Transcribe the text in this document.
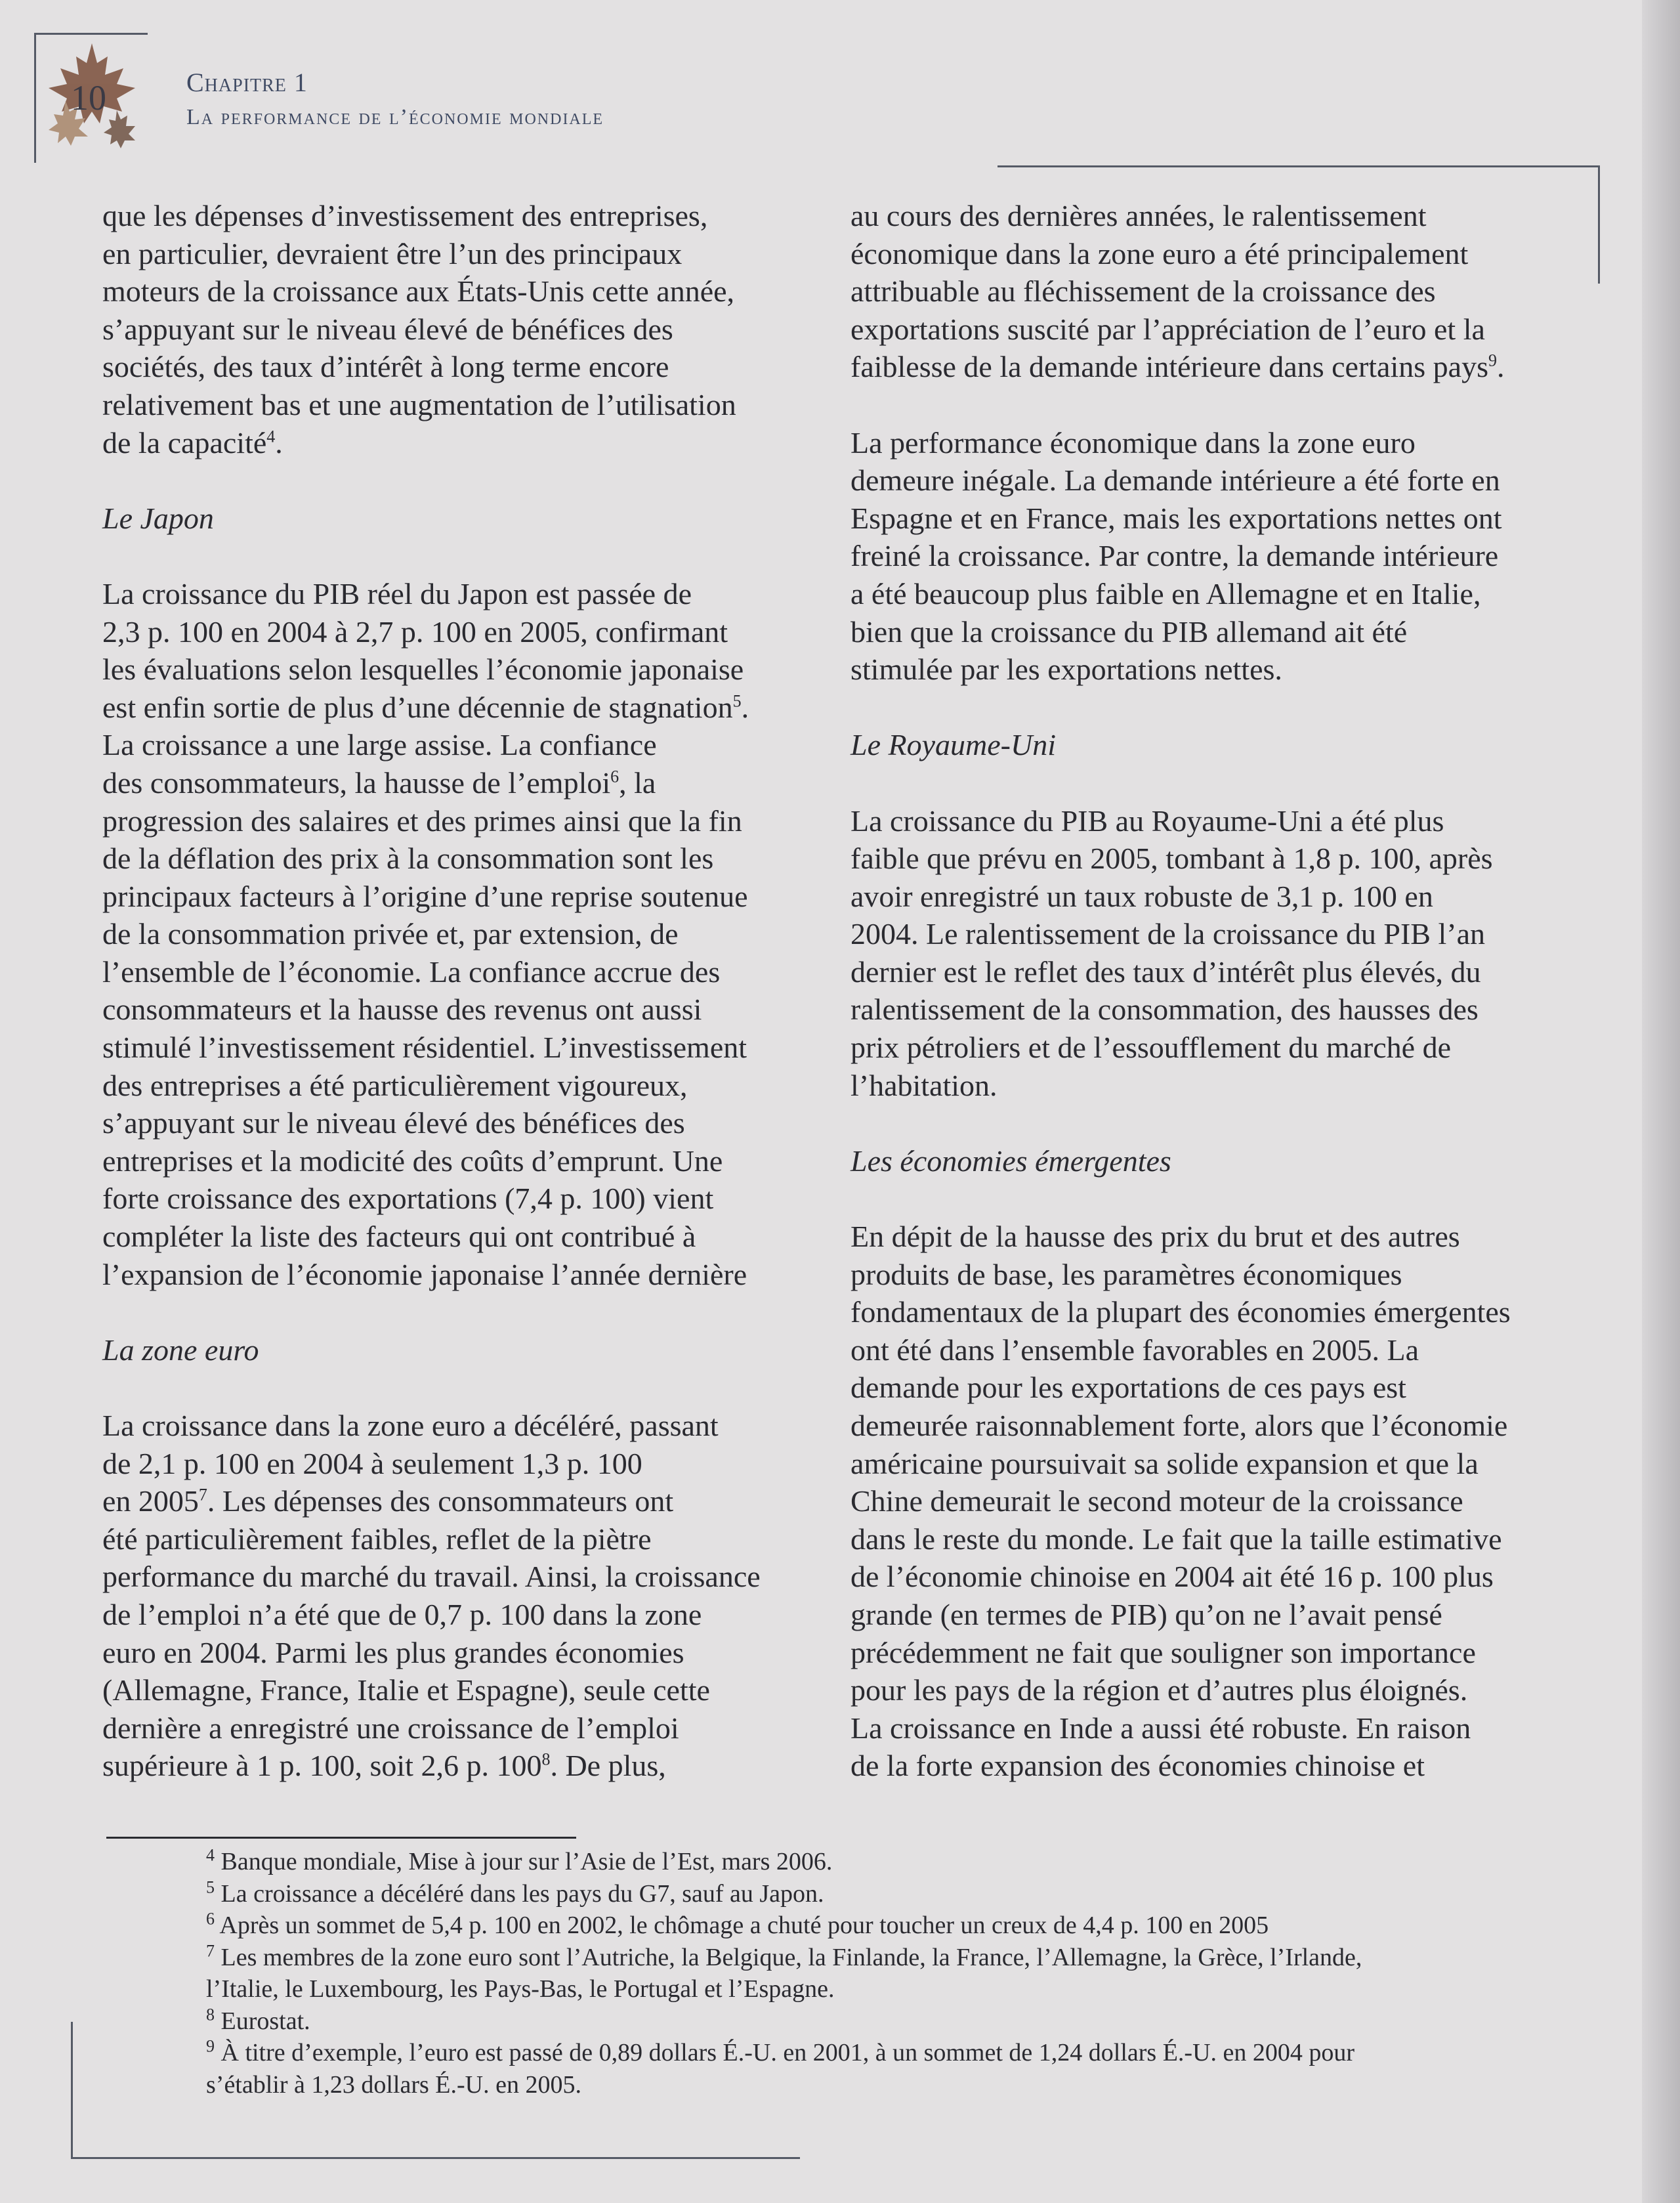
10	Chapitre 1
La performance de l’économie mondiale

que les dépenses d’investissement des entreprises,

en particulier, devraient être l’un des principaux

moteurs de la croissance aux États-Unis cette année,

s’appuyant sur le niveau élevé de bénéfices des

sociétés, des taux d’intérêt à long terme encore

relativement bas et une augmentation de l’utilisation

de la capacité$^4$.

Le Japon

La croissance du PIB réel du Japon est passée de

2,3 p. 100 en 2004 à 2,7 p. 100 en 2005, confirmant

les évaluations selon lesquelles l’économie japonaise

est enfin sortie de plus d’une décennie de stagnation$^5$.

La croissance a une large assise. La confiance

des consommateurs, la hausse de l’emploi$^6$, la

progression des salaires et des primes ainsi que la fin

de la déflation des prix à la consommation sont les

principaux facteurs à l’origine d’une reprise soutenue

de la consommation privée et, par extension, de

l’ensemble de l’économie. La confiance accrue des

consommateurs et la hausse des revenus ont aussi

stimulé l’investissement résidentiel. L’investissement

des entreprises a été particulièrement vigoureux,

s’appuyant sur le niveau élevé des bénéfices des

entreprises et la modicité des coûts d’emprunt. Une

forte croissance des exportations (7,4 p. 100) vient

compléter la liste des facteurs qui ont contribué à

l’expansion de l’économie japonaise l’année dernière

La zone euro

La croissance dans la zone euro a décéléré, passant

de 2,1 p. 100 en 2004 à seulement 1,3 p. 100

en 2005$^7$. Les dépenses des consommateurs ont

été particulièrement faibles, reflet de la piètre

performance du marché du travail. Ainsi, la croissance

de l’emploi n’a été que de 0,7 p. 100 dans la zone

euro en 2004. Parmi les plus grandes économies

(Allemagne, France, Italie et Espagne), seule cette

dernière a enregistré une croissance de l’emploi

supérieure à 1 p. 100, soit 2,6 p. $100^8$. De plus,

au cours des dernières années, le ralentissement

économique dans la zone euro a été principalement

attribuable au fléchissement de la croissance des

exportations suscité par l’appréciation de l’euro et la

faiblesse de la demande intérieure dans certains pays$^9$.

La performance économique dans la zone euro

demeure inégale. La demande intérieure a été forte en

Espagne et en France, mais les exportations nettes ont

freiné la croissance. Par contre, la demande intérieure

a été beaucoup plus faible en Allemagne et en Italie,

bien que la croissance du PIB allemand ait été

stimulée par les exportations nettes.

Le Royaume-Uni

La croissance du PIB au Royaume-Uni a été plus

faible que prévu en 2005, tombant à 1,8 p. 100, après

avoir enregistré un taux robuste de 3,1 p. 100 en

2004. Le ralentissement de la croissance du PIB l’an

dernier est le reflet des taux d’intérêt plus élevés, du

ralentissement de la consommation, des hausses des

prix pétroliers et de l’essoufflement du marché de

l’habitation.

Les économies émergentes

En dépit de la hausse des prix du brut et des autres

produits de base, les paramètres économiques

fondamentaux de la plupart des économies émergentes

ont été dans l’ensemble favorables en 2005. La

demande pour les exportations de ces pays est

demeurée raisonnablement forte, alors que l’économie

américaine poursuivait sa solide expansion et que la

Chine demeurait le second moteur de la croissance

dans le reste du monde. Le fait que la taille estimative

de l’économie chinoise en 2004 ait été 16 p. 100 plus

grande (en termes de PIB) qu’on ne l’avait pensé

précédemment ne fait que souligner son importance

pour les pays de la région et d’autres plus éloignés.

La croissance en Inde a aussi été robuste. En raison

de la forte expansion des économies chinoise et

$^4$ Banque mondiale, Mise à jour sur l’Asie de l’Est, mars 2006.

$^5$ La croissance a décéléré dans les pays du G7, sauf au Japon.

$^6$ Après un sommet de 5,4 p. 100 en 2002, le chômage a chuté pour toucher un creux de 4,4 p. 100 en 2005

$^7$ Les membres de la zone euro sont l’Autriche, la Belgique, la Finlande, la France, l’Allemagne, la Grèce, l’Irlande,

l’Italie, le Luxembourg, les Pays-Bas, le Portugal et l’Espagne.

$^8$ Eurostat.

$^9$ À titre d’exemple, l’euro est passé de 0,89 dollars É.-U. en 2001, à un sommet de 1,24 dollars É.-U. en 2004 pour

s’établir à 1,23 dollars É.-U. en 2005.
